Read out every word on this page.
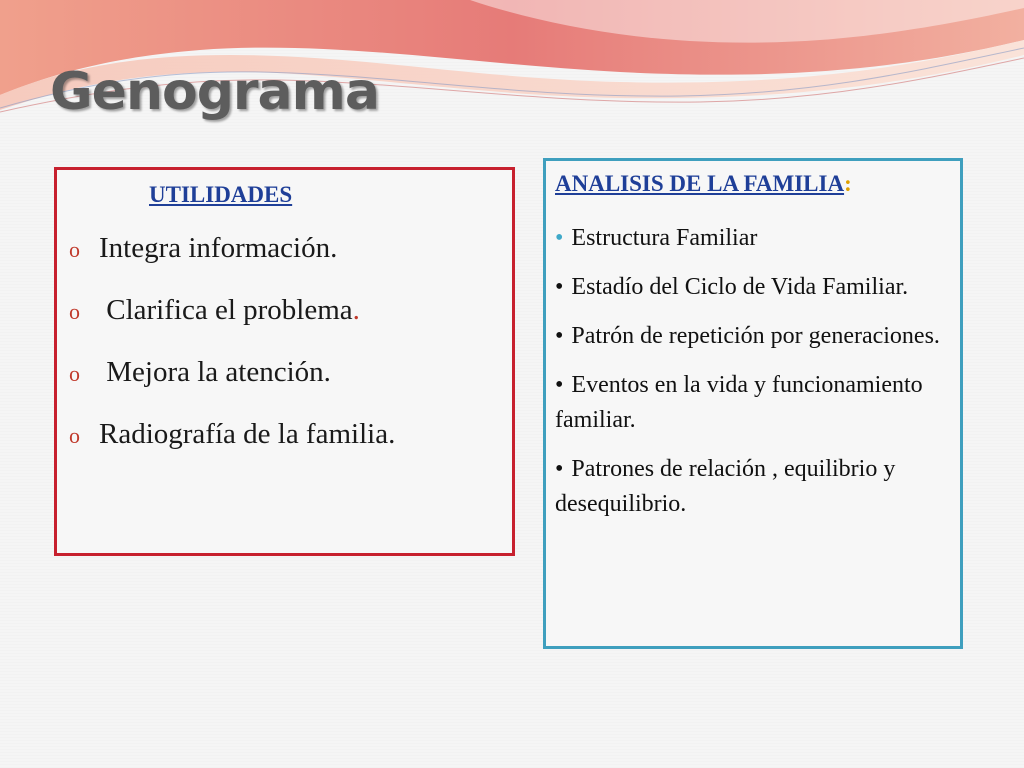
Genograma
UTILIDADES
o Integra información.
o Clarifica el problema .
o Mejora la atención.
o Radiografía de la familia.
ANALISIS DE LA FAMILIA:
• Estructura Familiar
• Estadío del Ciclo de Vida Familiar.
• Patrón de repetición por generaciones.
• Eventos en la vida y funcionamiento familiar.
• Patrones de relación , equilibrio y desequilibrio.
